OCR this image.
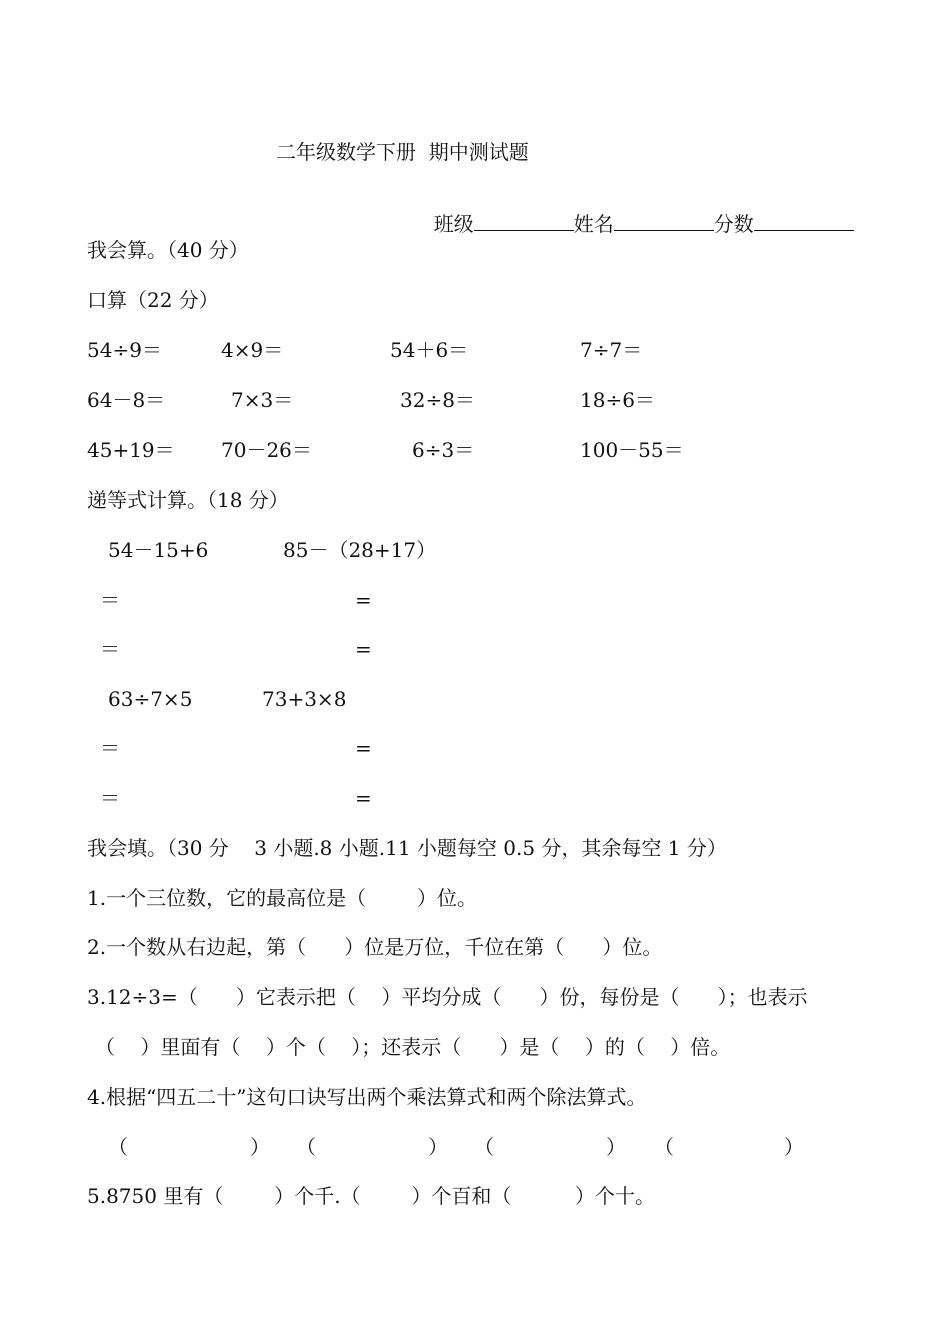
二年级数学下册  期中测试题

班级	姓名	分数

我会算。（40 分）
口算（22 分）
54÷9＝	4×9＝	54＋6＝	7÷7＝
64－8＝	7×3＝	32÷8＝	18÷6＝
45+19＝ 70－26＝	6÷3＝	100－55＝
递等式计算。（18 分）
54－15+6	85－（28+17）
＝	=
＝	=
63÷7×5	73+3×8
＝	=
＝	=
我会填。（30 分    3 小题.8 小题.11 小题每空 0.5 分，其余每空 1 分）
1.一个三位数，它的最高位是（        ）位。
2.一个数从右边起，第（      ）位是万位，千位在第（      ）位。
3.12÷3=（      ）它表示把（    ）平均分成（      ）份，每份是（      ）；也表示
（    ）里面有（    ）个（    ）；还表示（      ）是（    ）的（    ）倍。
4.根据“四五二十”这句口诀写出两个乘法算式和两个除法算式。
（	） （	） （	） （	）
5.8750 里有（        ）个千.（        ）个百和（          ）个十。
